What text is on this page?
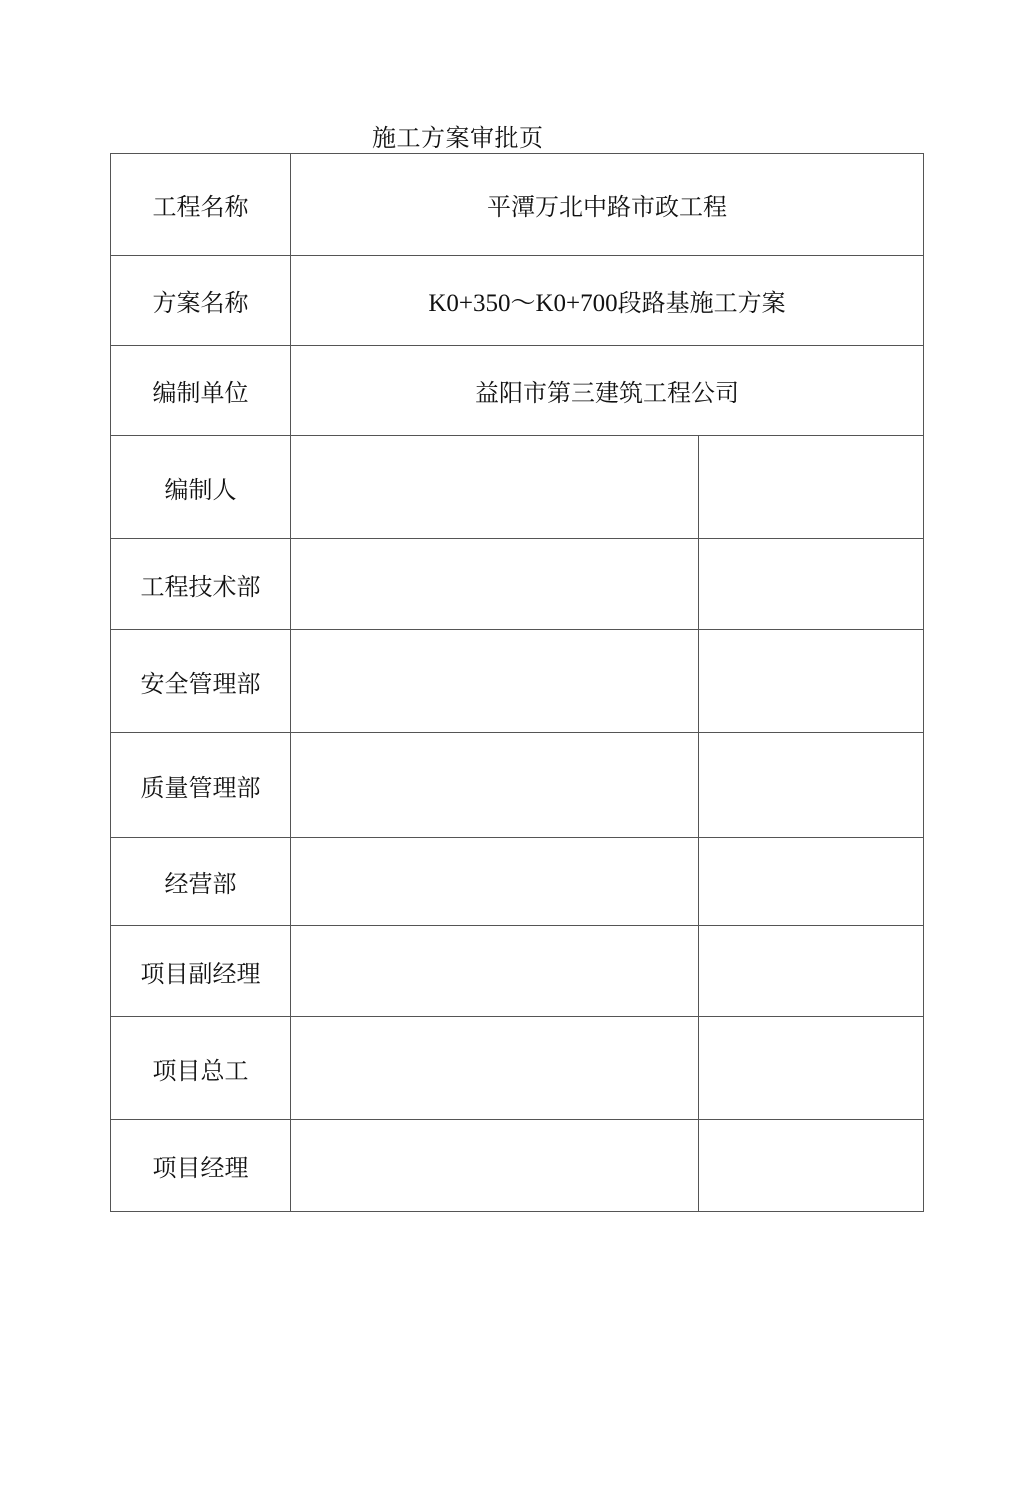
施工方案审批页
工程名称	平潭万北中路市政工程	
方案名称	K0+350～K0+700段路基施工方案	
编制单位	益阳市第三建筑工程公司	
编制人		
工程技术部		
安全管理部		
质量管理部		
经营部		
项目副经理		
项目总工		
项目经理		
